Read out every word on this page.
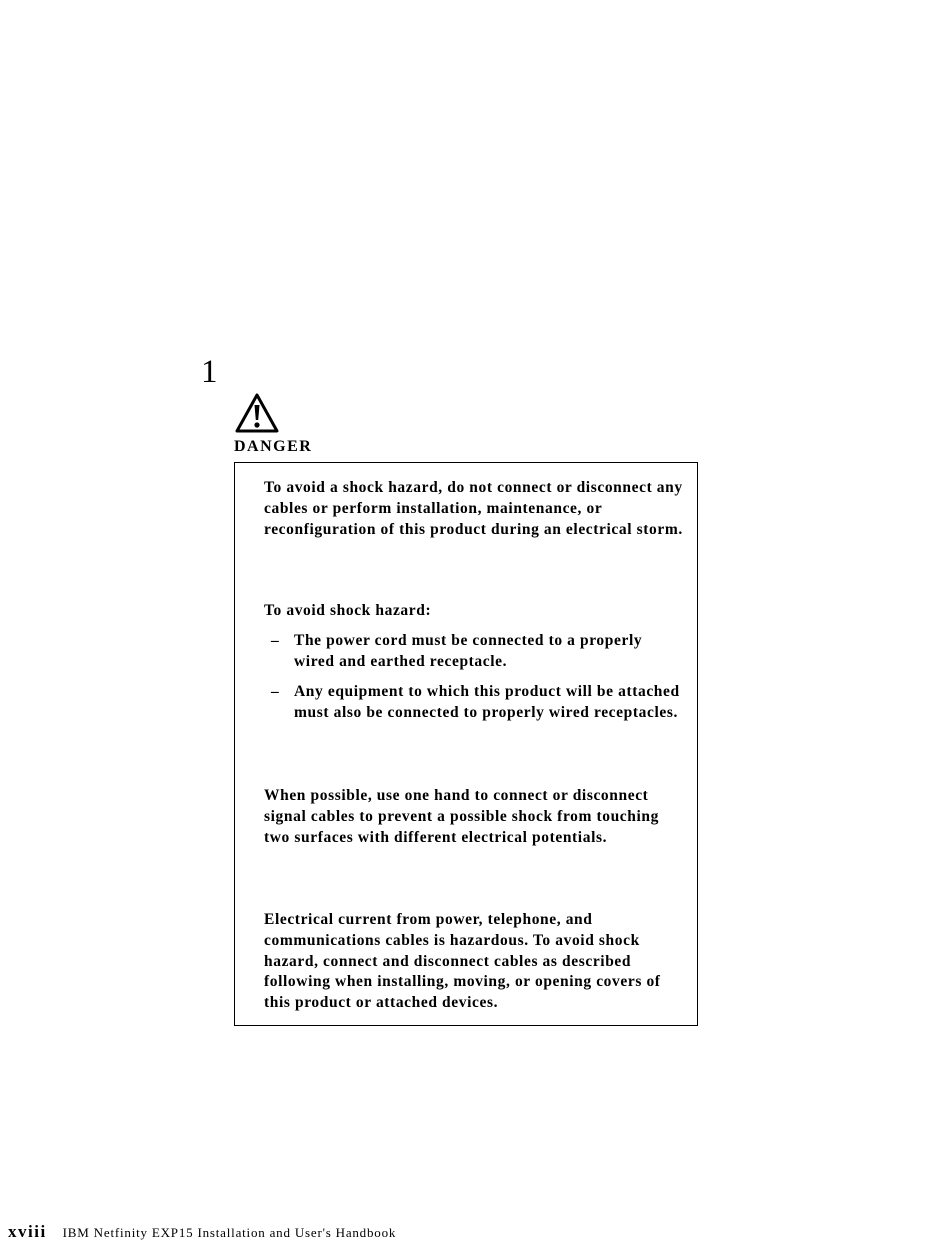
1
DANGER

To avoid a shock hazard, do not connect or disconnect any cables or perform installation, maintenance, or reconfiguration of this product during an electrical storm.

To avoid shock hazard:

– The power cord must be connected to a properly wired and earthed receptacle.
– Any equipment to which this product will be attached must also be connected to properly wired receptacles.

When possible, use one hand to connect or disconnect signal cables to prevent a possible shock from touching two surfaces with different electrical potentials.

Electrical current from power, telephone, and communications cables is hazardous. To avoid shock hazard, connect and disconnect cables as described following when installing, moving, or opening covers of this product or attached devices.

xviii IBM Netfinity EXP15 Installation and User's Handbook
